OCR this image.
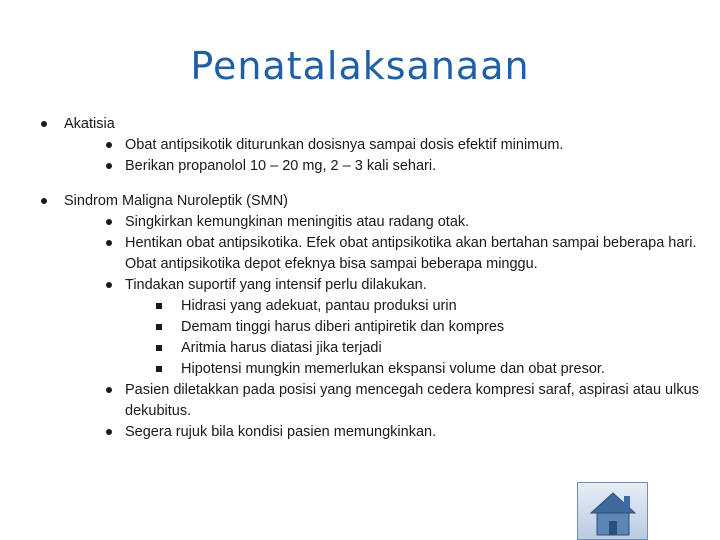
Penatalaksanaan
Akatisia
Obat antipsikotik diturunkan dosisnya sampai dosis efektif minimum.
Berikan propanolol 10 – 20 mg, 2 – 3 kali sehari.
Sindrom Maligna Nuroleptik (SMN)
Singkirkan kemungkinan meningitis atau radang otak.
Hentikan obat antipsikotika. Efek obat antipsikotika akan bertahan sampai beberapa hari. Obat antipsikotika depot efeknya bisa sampai beberapa minggu.
Tindakan suportif yang intensif perlu dilakukan.
Hidrasi yang adekuat, pantau produksi urin
Demam tinggi harus diberi antipiretik dan kompres
Aritmia harus diatasi jika terjadi
Hipotensi mungkin memerlukan ekspansi volume dan obat presor.
Pasien diletakkan pada posisi yang mencegah cedera kompresi saraf, aspirasi atau ulkus dekubitus.
Segera rujuk bila kondisi pasien memungkinkan.
